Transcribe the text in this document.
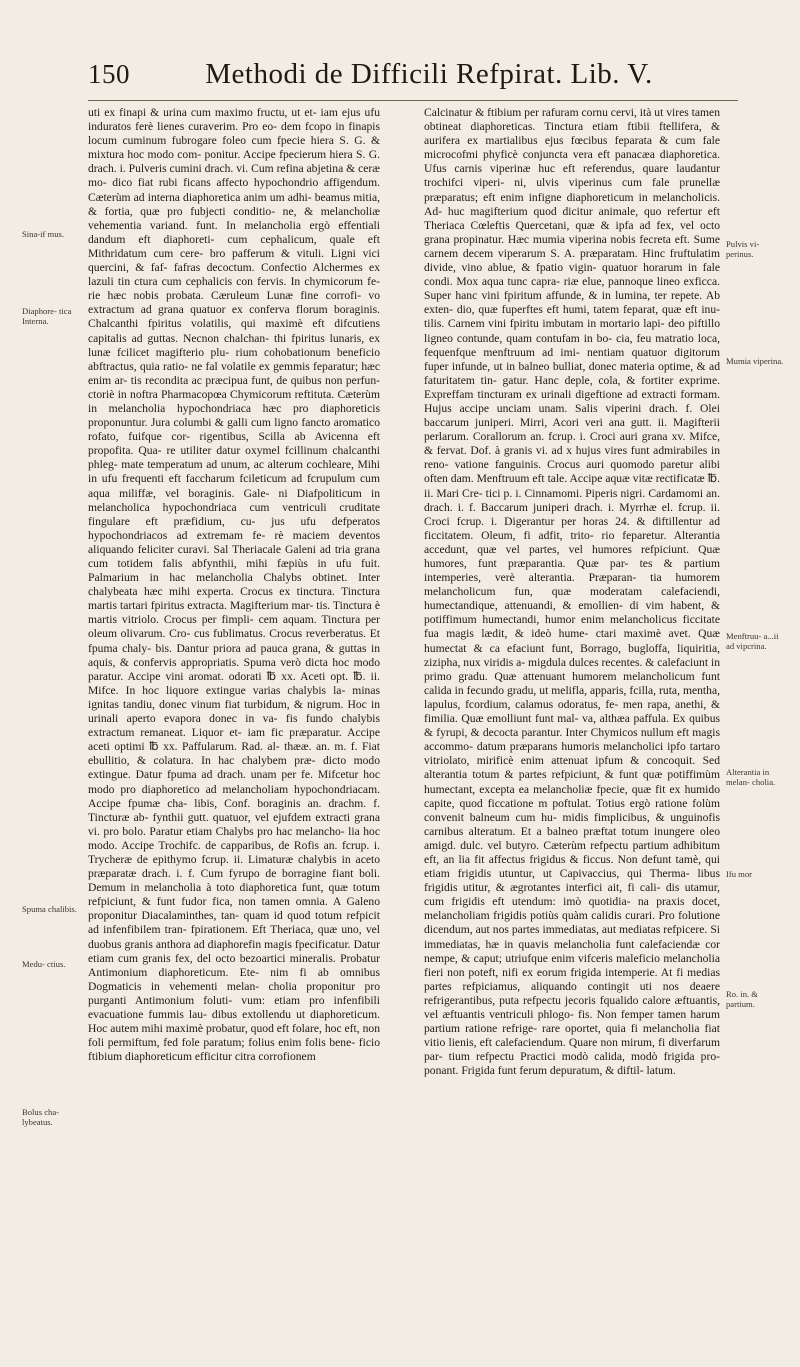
150	Methodi de Difficili Refpirat. Lib. V.

uti ex finapi & urina cum maximo fructu, ut et- iam ejus ufu induratos ferè lienes curaverim. Pro eo- dem fcopo in finapis locum cuminum fubrogare foleo cum fpecie hiera S. G. & mixtura hoc modo com- ponitur. Accipe fpecierum hiera S. G. drach. i. Pulveris cumini drach. vi. Cum refina abjetina & ceræ mo- dico fiat rubi ficans affecto hypochondrio affigendum. Cæterùm ad interna diaphoretica anim um adhi- beamus mitia, & fortia, quæ pro fubjecti conditio- ne, & melancholiæ vehementia variand. funt. In melancholia ergò effentiali dandum eft diaphoreti- cum cephalicum, quale eft Mithridatum cum cere- bro pafferum & vituli. Ligni vici quercini, & faf- fafras decoctum. Confectio Alchermes ex lazuli tin ctura cum cephalicis con fervis. In chymicorum fe- rie hæc nobis probata. Cæruleum Lunæ fine corrofi- vo extractum ad grana quatuor ex conferva florum boraginis. Chalcanthi fpiritus volatilis, qui maximè eft difcutiens capitalis ad guttas. Necnon chalchan- thi fpiritus lunaris, ex lunæ fcilicet magifterio plu- rium cohobationum beneficio abftractus, quia ratio- ne fal volatile ex gemmis feparatur; hæc enim ar- tis recondita ac præcipua funt, de quibus non perfun- ctoriè in noftra Pharmacopœa Chymicorum reftituta. Cæterùm in melancholia hypochondriaca hæc pro diaphoreticis proponuntur. Jura columbi & galli cum ligno fancto aromatico rofato, fuifque cor- rigentibus, Scilla ab Avicenna eft propofita. Qua- re utiliter datur oxymel fcillinum chalcanthi phleg- mate temperatum ad unum, ac alterum cochleare, Mihi in ufu frequenti eft faccharum fcileticum ad fcrupulum cum aqua miliffæ, vel boraginis. Gale- ni Diafpoliticum in melancholica hypochondriaca cum ventriculi cruditate fingulare eft præfidium, cu- jus ufu defperatos hypochondriacos ad extremam fe- rè maciem deventos aliquando feliciter curavi. Sal Theriacale Galeni ad tria grana cum totidem falis abfynthii, mihi fæpiùs in ufu fuit. Palmarium in hac melancholia Chalybs obtinet. Inter chalybeata hæc mihi experta. Crocus ex tinctura. Tinctura martis tartari fpiritus extracta. Magifterium mar- tis. Tinctura è martis vitriolo. Crocus per fimpli- cem aquam. Tinctura per oleum olivarum. Cro- cus fublimatus. Crocus reverberatus. Et fpuma chaly- bis. Dantur priora ad pauca grana, & guttas in aquis, & confervis appropriatis. Spuma verò dicta hoc modo paratur. Accipe vini aromat. odorati ℔ xx. Aceti opt. ℔. ii. Mifce. In hoc liquore extingue varias chalybis la- minas ignitas tandiu, donec vinum fiat turbidum, & nigrum. Hoc in urinali aperto evapora donec in va- fis fundo chalybis extractum remaneat. Liquor et- iam fic præparatur. Accipe aceti optimi ℔ xx. Paffularum. Rad. al- thææ. an. m. f. Fiat ebullitio, & colatura. In hac chalybem præ- dicto modo extingue. Datur fpuma ad drach. unam per fe. Mifcetur hoc modo pro diaphoretico ad melancholiam hypochondriacam. Accipe fpumæ cha- libis, Conf. boraginis an. drachm. f. Tincturæ ab- fynthii gutt. quatuor, vel ejufdem extracti grana vi. pro bolo. Paratur etiam Chalybs pro hac melancho- lia hoc modo. Accipe Trochifc. de capparibus, de Rofis an. fcrup. i. Trycheræ de epithymo fcrup. ii. Limaturæ chalybis in aceto præparatæ drach. i. f. Cum fyrupo de borragine fiant boli. Demum in melancholia à toto diaphoretica funt, quæ totum refpiciunt, & funt fudor fica, non tamen omnia. A Galeno proponitur Diacalaminthes, tan- quam id quod totum refpicit ad infenfibilem tran- fpirationem. Eft Theriaca, quæ uno, vel duobus granis anthora ad diaphorefin magis fpecificatur. Datur etiam cum granis fex, del octo bezoartici mineralis. Probatur Antimonium diaphoreticum. Ete- nim fi ab omnibus Dogmaticis in vehementi melan- cholia proponitur pro purganti Antimonium foluti- vum: etiam pro infenfibili evacuatione fummis lau- dibus extollendu ut diaphoreticum. Hoc autem mihi maximè probatur, quod eft folare, hoc eft, non foli permiftum, fed fole paratum; folius enim folis bene- ficio ftibium diaphoreticum efficitur citra corrofionem

Calcinatur & ftibium per rafuram cornu cervi, ità ut vires tamen obtineat diaphoreticas. Tinctura etiam ftibii ftellifera, & aurifera ex martialibus ejus fœcibus feparata & cum fale microcofmi phyficè conjuncta vera eft panacæa diaphoretica. Ufus carnis viperinæ huc eft referendus, quare laudantur trochifci viperi- ni, ulvis viperinus cum fale prunellæ præparatus; eft enim infigne diaphoreticum in melancholicis. Ad- huc magifterium quod dicitur animale, quo refertur eft Theriaca Cœleftis Quercetani, quæ & ipfa ad fex, vel octo grana propinatur. Hæc mumia viperina nobis fecreta eft. Sume carnem decem viperarum S. A. præparatam. Hinc fruftulatim divide, vino ablue, & fpatio vigin- quatuor horarum in fale condi. Mox aqua tunc capra- riæ elue, pannoque lineo exficca. Super hanc vini fpiritum affunde, & in lumina, ter repete. Ab exten- dio, quæ fuperftes eft humi, tatem feparat, quæ eft inu- tilis. Carnem vini fpiritu imbutam in mortario lapi- deo piftillo ligneo contunde, quam contufam in bo- cia, feu matratio loca, fequenfque menftruum ad imi- nentiam quatuor digitorum fuper infunde, ut in balneo bulliat, donec materia optime, & ad faturitatem tin- gatur. Hanc deple, cola, & fortiter exprime. Expreffam tincturam ex urinali digeftione ad extracti formam. Hujus accipe unciam unam. Salis viperini drach. f. Olei baccarum juniperi. Mirri, Acori veri ana gutt. ii. Magifterii perlarum. Corallorum an. fcrup. i. Croci auri grana xv. Mifce, & fervat. Dof. à granis vi. ad x hujus vires funt admirabiles in reno- vatione fanguinis. Crocus auri quomodo paretur alibi often dam. Menftruum eft tale. Accipe aquæ vitæ rectificatæ ℔. ii. Mari Cre- tici p. i. Cinnamomi. Piperis nigri. Cardamomi an. drach. i. f. Baccarum juniperi drach. i. Myrrhæ el. fcrup. ii. Croci fcrup. i. Digerantur per horas 24. & diftillentur ad ficcitatem. Oleum, fi adfit, trito- rio feparetur. Alterantia accedunt, quæ vel partes, vel humores refpiciunt. Quæ humores, funt præparantia. Quæ par- tes & partium intemperies, verè alterantia. Præparan- tia humorem melancholicum fun, quæ moderatam calefaciendi, humectandique, attenuandi, & emollien- di vim habent, & potiffimum humectandi, humor enim melancholicus ficcitate fua magis lædit, & ideò hume- ctari maximè avet. Quæ humectat & ca efaciunt funt, Borrago, bugloffa, liquiritia, zizipha, nux viridis a- migdula dulces recentes. & calefaciunt in primo gradu. Quæ attenuant humorem melancholicum funt calida in fecundo gradu, ut melifla, apparis, fcilla, ruta, mentha, lapulus, fcordium, calamus odoratus, fe- men rapa, anethi, & fimilia. Quæ emolliunt funt mal- va, althæa paffula. Ex quibus & fyrupi, & decocta parantur. Inter Chymicos nullum eft magis accommo- datum præparans humoris melancholici ipfo tartaro vitriolato, mirificè enim attenuat ipfum & concoquit. Sed alterantia totum & partes refpiciunt, & funt quæ potiffimùm humectant, excepta ea melancholiæ fpecie, quæ fit ex humido capite, quod ficcatione m poftulat. Totius ergò ratione folùm convenit balneum cum hu- midis fimplicibus, & unguinofis carnibus alteratum. Et a balneo præftat totum inungere oleo amigd. dulc. vel butyro. Cæterùm refpectu partium adhibitum eft, an lia fit affectus frigidus & ficcus. Non defunt tamè, qui etiam frigidis utuntur, ut Capivaccius, qui Therma- libus frigidis utitur, & ægrotantes interfici ait, fi cali- dis utamur, cum frigidis eft utendum: imò quotidia- na praxis docet, melancholiam frigidis potiùs quàm calidis curari. Pro folutione dicendum, aut nos partes immediatas, aut mediatas refpicere. Si immediatas, hæ in quavis melancholia funt calefaciendæ cor nempe, & caput; utriufque enim vifceris maleficio melancholia fieri non poteft, nifi ex eorum frigida intemperie. At fi medias partes refpiciamus, aliquando contingit uti nos deaere refrigerantibus, puta refpectu jecoris fqualido calore æftuantis, vel æftuantis ventriculi phlogo- fis. Non femper tamen harum partium ratione refrige- rare oportet, quia fi melancholia fiat vitio lienis, eft calefaciendum. Quare non mirum, fi diverfarum par- tium refpectu Practici modò calida, modò frigida pro- ponant. Frigida funt ferum depuratum, & diftil- latum.

Sina-if mus.
Diaphore- tica Interna.
Spuma chalibis.
Medu- ctius.
Bolus cha- lybeatus.
Pulvis vi- perinus.
Mumia viperina.
Menftruu- a...ii ad vipcrina.
Alterantia in melan- cholia.
Ifu mor
Ro. in. & partium.
